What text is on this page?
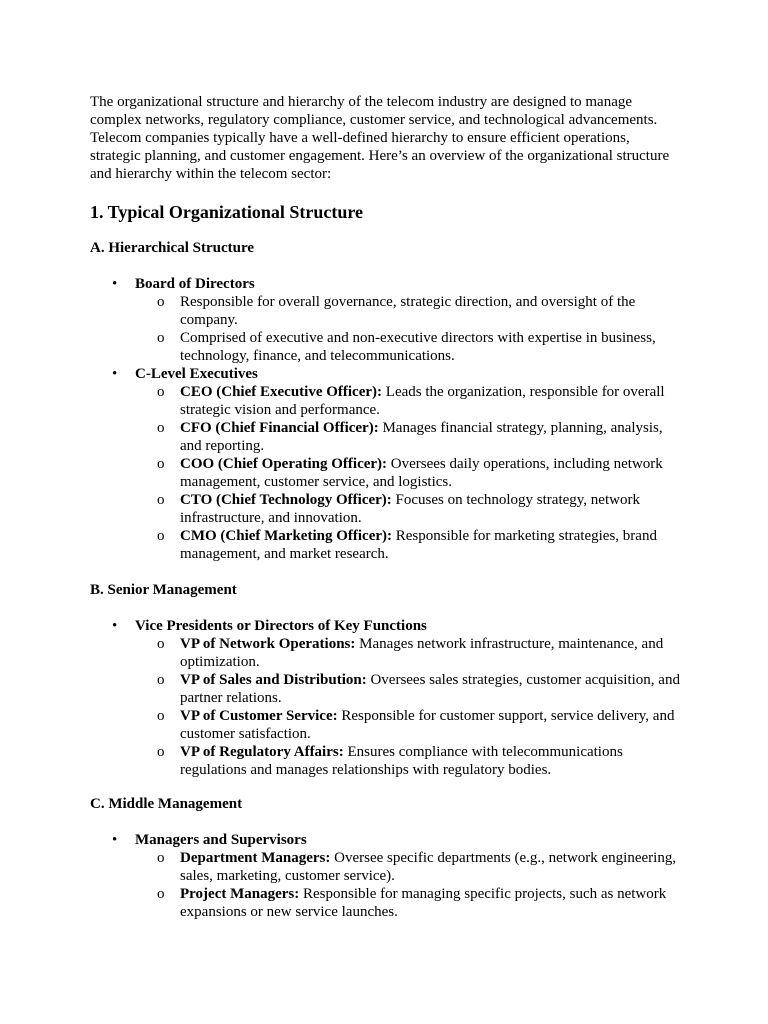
The organizational structure and hierarchy of the telecom industry are designed to manage complex networks, regulatory compliance, customer service, and technological advancements. Telecom companies typically have a well-defined hierarchy to ensure efficient operations, strategic planning, and customer engagement. Here’s an overview of the organizational structure and hierarchy within the telecom sector:

1. Typical Organizational Structure
A. Hierarchical Structure
• Board of Directors
o Responsible for overall governance, strategic direction, and oversight of the company.
o Comprised of executive and non-executive directors with expertise in business, technology, finance, and telecommunications.
• C-Level Executives
o CEO (Chief Executive Officer): Leads the organization, responsible for overall strategic vision and performance.
o CFO (Chief Financial Officer): Manages financial strategy, planning, analysis, and reporting.
o COO (Chief Operating Officer): Oversees daily operations, including network management, customer service, and logistics.
o CTO (Chief Technology Officer): Focuses on technology strategy, network infrastructure, and innovation.
o CMO (Chief Marketing Officer): Responsible for marketing strategies, brand management, and market research.
B. Senior Management
• Vice Presidents or Directors of Key Functions
o VP of Network Operations: Manages network infrastructure, maintenance, and optimization.
o VP of Sales and Distribution: Oversees sales strategies, customer acquisition, and partner relations.
o VP of Customer Service: Responsible for customer support, service delivery, and customer satisfaction.
o VP of Regulatory Affairs: Ensures compliance with telecommunications regulations and manages relationships with regulatory bodies.
C. Middle Management
• Managers and Supervisors
o Department Managers: Oversee specific departments (e.g., network engineering, sales, marketing, customer service).
o Project Managers: Responsible for managing specific projects, such as network expansions or new service launches.
